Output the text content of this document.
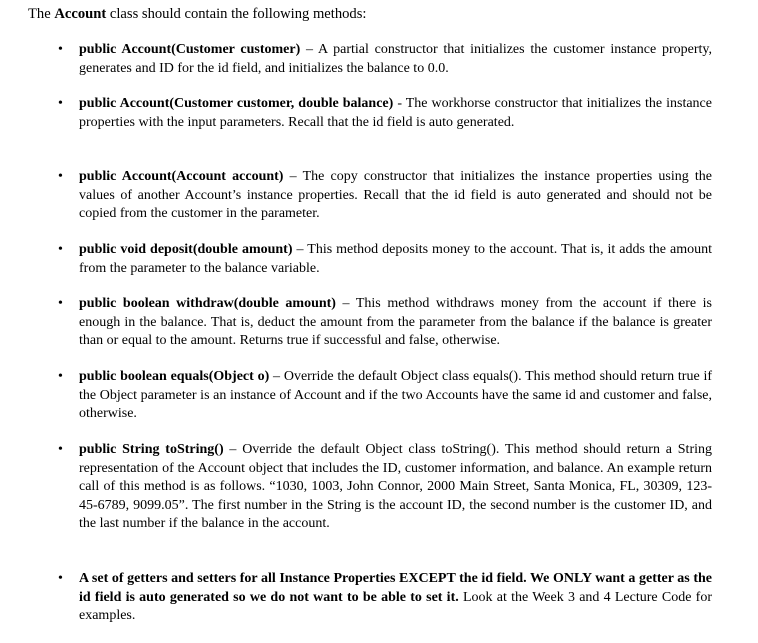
The Account class should contain the following methods:

• public Account(Customer customer) – A partial constructor that initializes the customer instance property, generates and ID for the id field, and initializes the balance to 0.0.
• public Account(Customer customer, double balance) - The workhorse constructor that initializes the instance properties with the input parameters. Recall that the id field is auto generated.
• public Account(Account account) – The copy constructor that initializes the instance properties using the values of another Account’s instance properties. Recall that the id field is auto generated and should not be copied from the customer in the parameter.
• public void deposit(double amount) – This method deposits money to the account. That is, it adds the amount from the parameter to the balance variable.
• public boolean withdraw(double amount) – This method withdraws money from the account if there is enough in the balance. That is, deduct the amount from the parameter from the balance if the balance is greater than or equal to the amount. Returns true if successful and false, otherwise.
• public boolean equals(Object o) – Override the default Object class equals(). This method should return true if the Object parameter is an instance of Account and if the two Accounts have the same id and customer and false, otherwise.
• public String toString() – Override the default Object class toString(). This method should return a String representation of the Account object that includes the ID, customer information, and balance. An example return call of this method is as follows. “1030, 1003, John Connor, 2000 Main Street, Santa Monica, FL, 30309, 123-45-6789, 9099.05”. The first number in the String is the account ID, the second number is the customer ID, and the last number if the balance in the account.
• A set of getters and setters for all Instance Properties EXCEPT the id field. We ONLY want a getter as the id field is auto generated so we do not want to be able to set it. Look at the Week 3 and 4 Lecture Code for examples.
